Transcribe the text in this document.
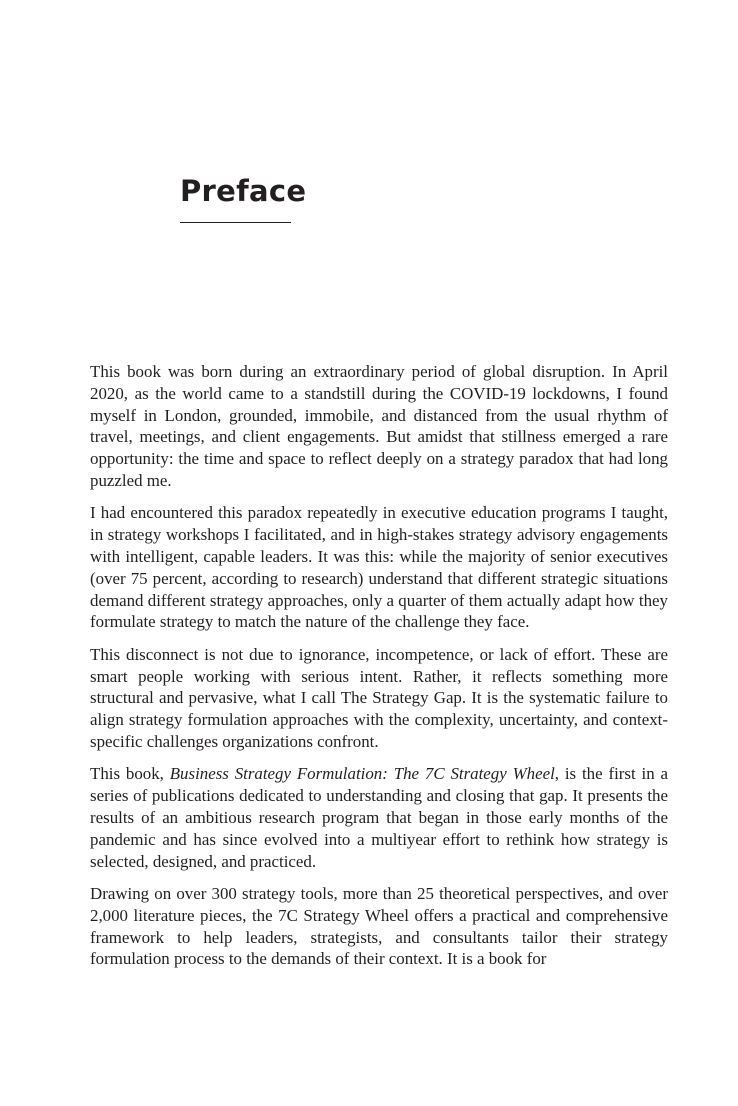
Preface

This book was born during an extraordinary period of global disruption. In April 2020, as the world came to a standstill during the COVID-19 lockdowns, I found myself in London, grounded, immobile, and distanced from the usual rhythm of travel, meetings, and client engagements. But amidst that stillness emerged a rare opportunity: the time and space to reflect deeply on a strategy paradox that had long puzzled me.

I had encountered this paradox repeatedly in executive education programs I taught, in strategy workshops I facilitated, and in high-stakes strategy advisory engagements with intelligent, capable leaders. It was this: while the majority of senior executives (over 75 percent, according to research) understand that different strategic situations demand different strategy approaches, only a quarter of them actually adapt how they formulate strategy to match the nature of the challenge they face.

This disconnect is not due to ignorance, incompetence, or lack of effort. These are smart people working with serious intent. Rather, it reflects something more structural and pervasive, what I call The Strategy Gap. It is the systematic failure to align strategy formulation approaches with the complexity, uncertainty, and context-specific challenges organizations confront.

This book, Business Strategy Formulation: The 7C Strategy Wheel, is the first in a series of publications dedicated to understanding and closing that gap. It presents the results of an ambitious research program that began in those early months of the pandemic and has since evolved into a multiyear effort to rethink how strategy is selected, designed, and practiced.

Drawing on over 300 strategy tools, more than 25 theoretical perspectives, and over 2,000 literature pieces, the 7C Strategy Wheel offers a practical and comprehensive framework to help leaders, strategists, and consultants tailor their strategy formulation process to the demands of their context. It is a book for
